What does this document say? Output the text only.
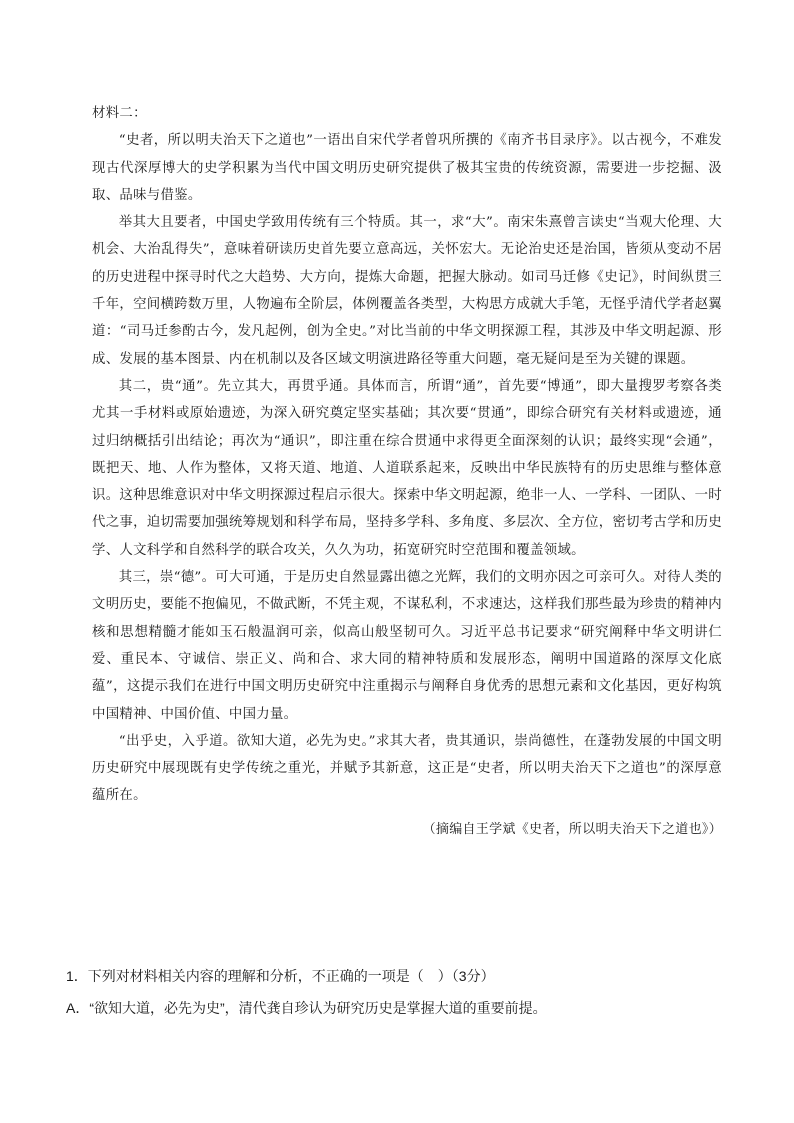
材料二：

“史者，所以明夫治天下之道也”一语出自宋代学者曾巩所撰的《南齐书目录序》。以古视今，不难发现古代深厚博大的史学积累为当代中国文明历史研究提供了极其宝贵的传统资源，需要进一步挖掘、汲取、品味与借鉴。

举其大且要者，中国史学致用传统有三个特质。其一，求“大”。南宋朱熹曾言读史“当观大伦理、大机会、大治乱得失”，意味着研读历史首先要立意高远，关怀宏大。无论治史还是治国，皆须从变动不居的历史进程中探寻时代之大趋势、大方向，提炼大命题，把握大脉动。如司马迁修《史记》，时间纵贯三千年，空间横跨数万里，人物遍布全阶层，体例覆盖各类型，大构思方成就大手笔，无怪乎清代学者赵翼道：“司马迁参酌古今，发凡起例，创为全史。”对比当前的中华文明探源工程，其涉及中华文明起源、形成、发展的基本图景、内在机制以及各区域文明演进路径等重大问题，毫无疑问是至为关键的课题。

其二，贵“通”。先立其大，再贯乎通。具体而言，所谓“通”，首先要“博通”，即大量搜罗考察各类尤其一手材料或原始遗迹，为深入研究奠定坚实基础；其次要“贯通”，即综合研究有关材料或遗迹，通过归纳概括引出结论；再次为“通识”，即注重在综合贯通中求得更全面深刻的认识；最终实现“会通”，既把天、地、人作为整体，又将天道、地道、人道联系起来，反映出中华民族特有的历史思维与整体意识。这种思维意识对中华文明探源过程启示很大。探索中华文明起源，绝非一人、一学科、一团队、一时代之事，迫切需要加强统筹规划和科学布局，坚持多学科、多角度、多层次、全方位，密切考古学和历史学、人文科学和自然科学的联合攻关，久久为功，拓宽研究时空范围和覆盖领域。

其三，崇“德”。可大可通，于是历史自然显露出德之光辉，我们的文明亦因之可亲可久。对待人类的文明历史，要能不抱偏见，不做武断，不凭主观，不谋私利，不求速达，这样我们那些最为珍贵的精神内核和思想精髓才能如玉石般温润可亲，似高山般坚韧可久。习近平总书记要求“研究阐释中华文明讲仁爱、重民本、守诚信、崇正义、尚和合、求大同的精神特质和发展形态，阐明中国道路的深厚文化底蕴”，这提示我们在进行中国文明历史研究中注重揭示与阐释自身优秀的思想元素和文化基因，更好构筑中国精神、中国价值、中国力量。

“出乎史，入乎道。欲知大道，必先为史。”求其大者，贵其通识，崇尚德性，在蓬勃发展的中国文明历史研究中展现既有史学传统之重光，并赋予其新意，这正是“史者，所以明夫治天下之道也”的深厚意蕴所在。

（摘编自王学斌《史者，所以明夫治天下之道也》）

1．下列对材料相关内容的理解和分析，不正确的一项是（　）（3分）

A．“欲知大道，必先为史”，清代龚自珍认为研究历史是掌握大道的重要前提。
